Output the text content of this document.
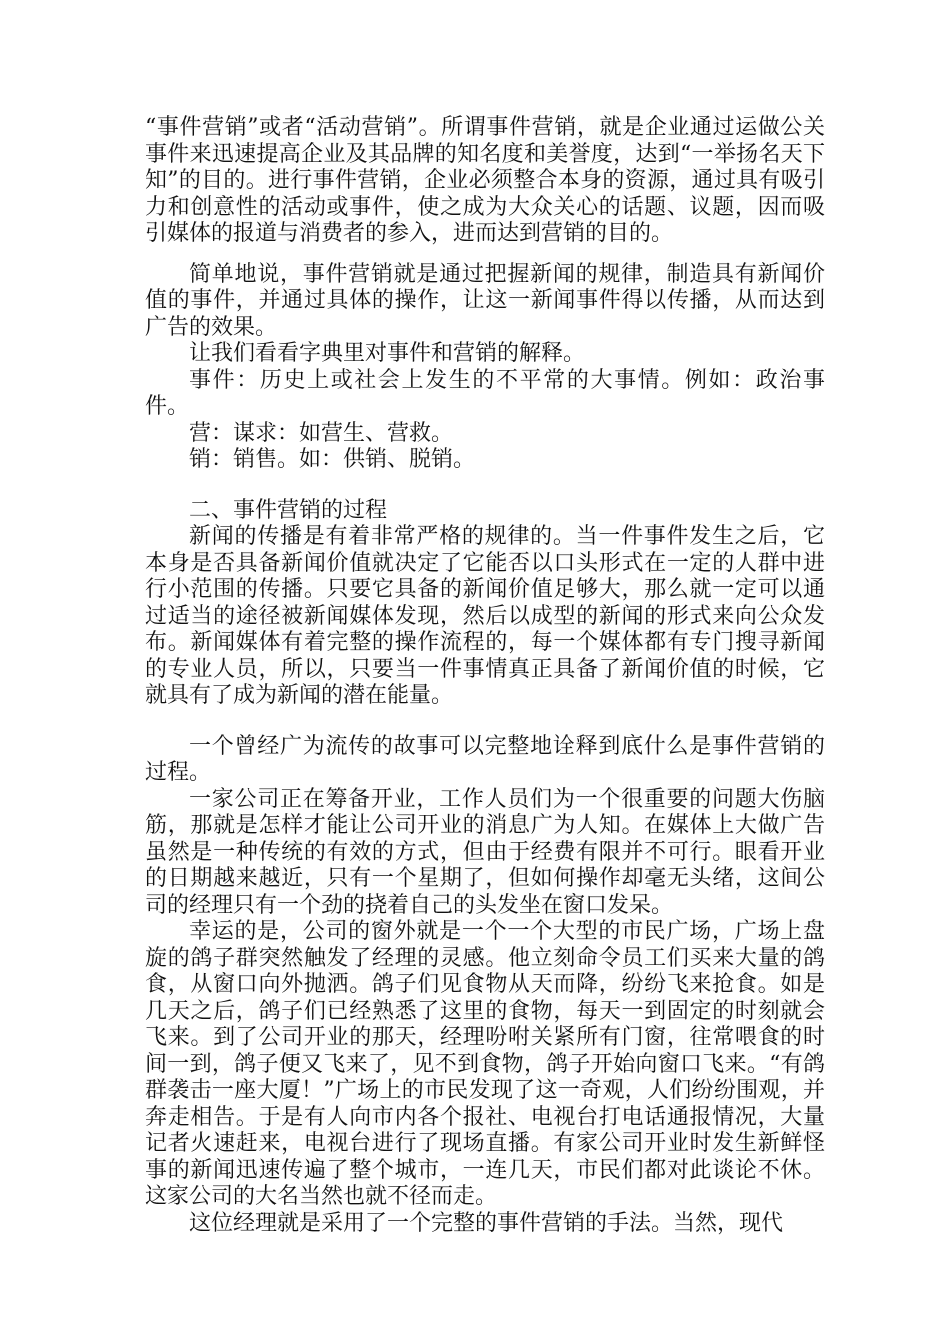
“事件营销”或者“活动营销”。所谓事件营销，就是企业通过运做公关事件来迅速提高企业及其品牌的知名度和美誉度，达到“一举扬名天下知”的目的。进行事件营销，企业必须整合本身的资源，通过具有吸引力和创意性的活动或事件，使之成为大众关心的话题、议题，因而吸引媒体的报道与消费者的参入，进而达到营销的目的。

简单地说，事件营销就是通过把握新闻的规律，制造具有新闻价值的事件，并通过具体的操作，让这一新闻事件得以传播，从而达到广告的效果。

让我们看看字典里对事件和营销的解释。

事件：历史上或社会上发生的不平常的大事情。例如：政治事件。

营：谋求：如营生、营救。

销：销售。如：供销、脱销。

二、事件营销的过程

新闻的传播是有着非常严格的规律的。当一件事件发生之后，它本身是否具备新闻价值就决定了它能否以口头形式在一定的人群中进行小范围的传播。只要它具备的新闻价值足够大，那么就一定可以通过适当的途径被新闻媒体发现，然后以成型的新闻的形式来向公众发布。新闻媒体有着完整的操作流程的，每一个媒体都有专门搜寻新闻的专业人员，所以，只要当一件事情真正具备了新闻价值的时候，它就具有了成为新闻的潜在能量。

一个曾经广为流传的故事可以完整地诠释到底什么是事件营销的过程。

一家公司正在筹备开业，工作人员们为一个很重要的问题大伤脑筋，那就是怎样才能让公司开业的消息广为人知。在媒体上大做广告虽然是一种传统的有效的方式，但由于经费有限并不可行。眼看开业的日期越来越近，只有一个星期了，但如何操作却毫无头绪，这间公司的经理只有一个劲的挠着自己的头发坐在窗口发呆。

幸运的是，公司的窗外就是一个一个大型的市民广场，广场上盘旋的鸽子群突然触发了经理的灵感。他立刻命令员工们买来大量的鸽食，从窗口向外抛洒。鸽子们见食物从天而降，纷纷飞来抢食。如是几天之后，鸽子们已经熟悉了这里的食物，每天一到固定的时刻就会飞来。到了公司开业的那天，经理吩咐关紧所有门窗，往常喂食的时间一到，鸽子便又飞来了，见不到食物，鸽子开始向窗口飞来。“有鸽群袭击一座大厦！”广场上的市民发现了这一奇观，人们纷纷围观，并奔走相告。于是有人向市内各个报社、电视台打电话通报情况，大量记者火速赶来，电视台进行了现场直播。有家公司开业时发生新鲜怪事的新闻迅速传遍了整个城市，一连几天，市民们都对此谈论不休。这家公司的大名当然也就不径而走。

这位经理就是采用了一个完整的事件营销的手法。当然，现代
